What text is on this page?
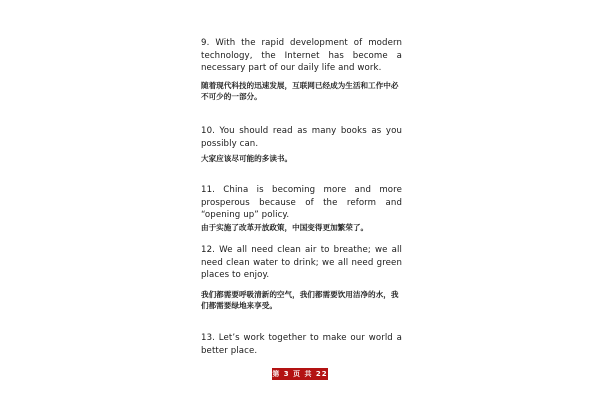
9. With the rapid development of modern technology, the Internet has become a necessary part of our daily life and work.

随着现代科技的迅速发展，互联网已经成为生活和工作中必不可少的一部分。

10. You should read as many books as you possibly can.

大家应该尽可能的多读书。

11. China is becoming more and more prosperous because of the reform and “opening up” policy.

由于实施了改革开放政策，中国变得更加繁荣了。

12. We all need clean air to breathe; we all need clean water to drink; we all need green places to enjoy.

我们都需要呼吸清新的空气，我们都需要饮用洁净的水，我们都需要绿地来享受。

13. Let’s work together to make our world a better place.

第 3 页 共 22
